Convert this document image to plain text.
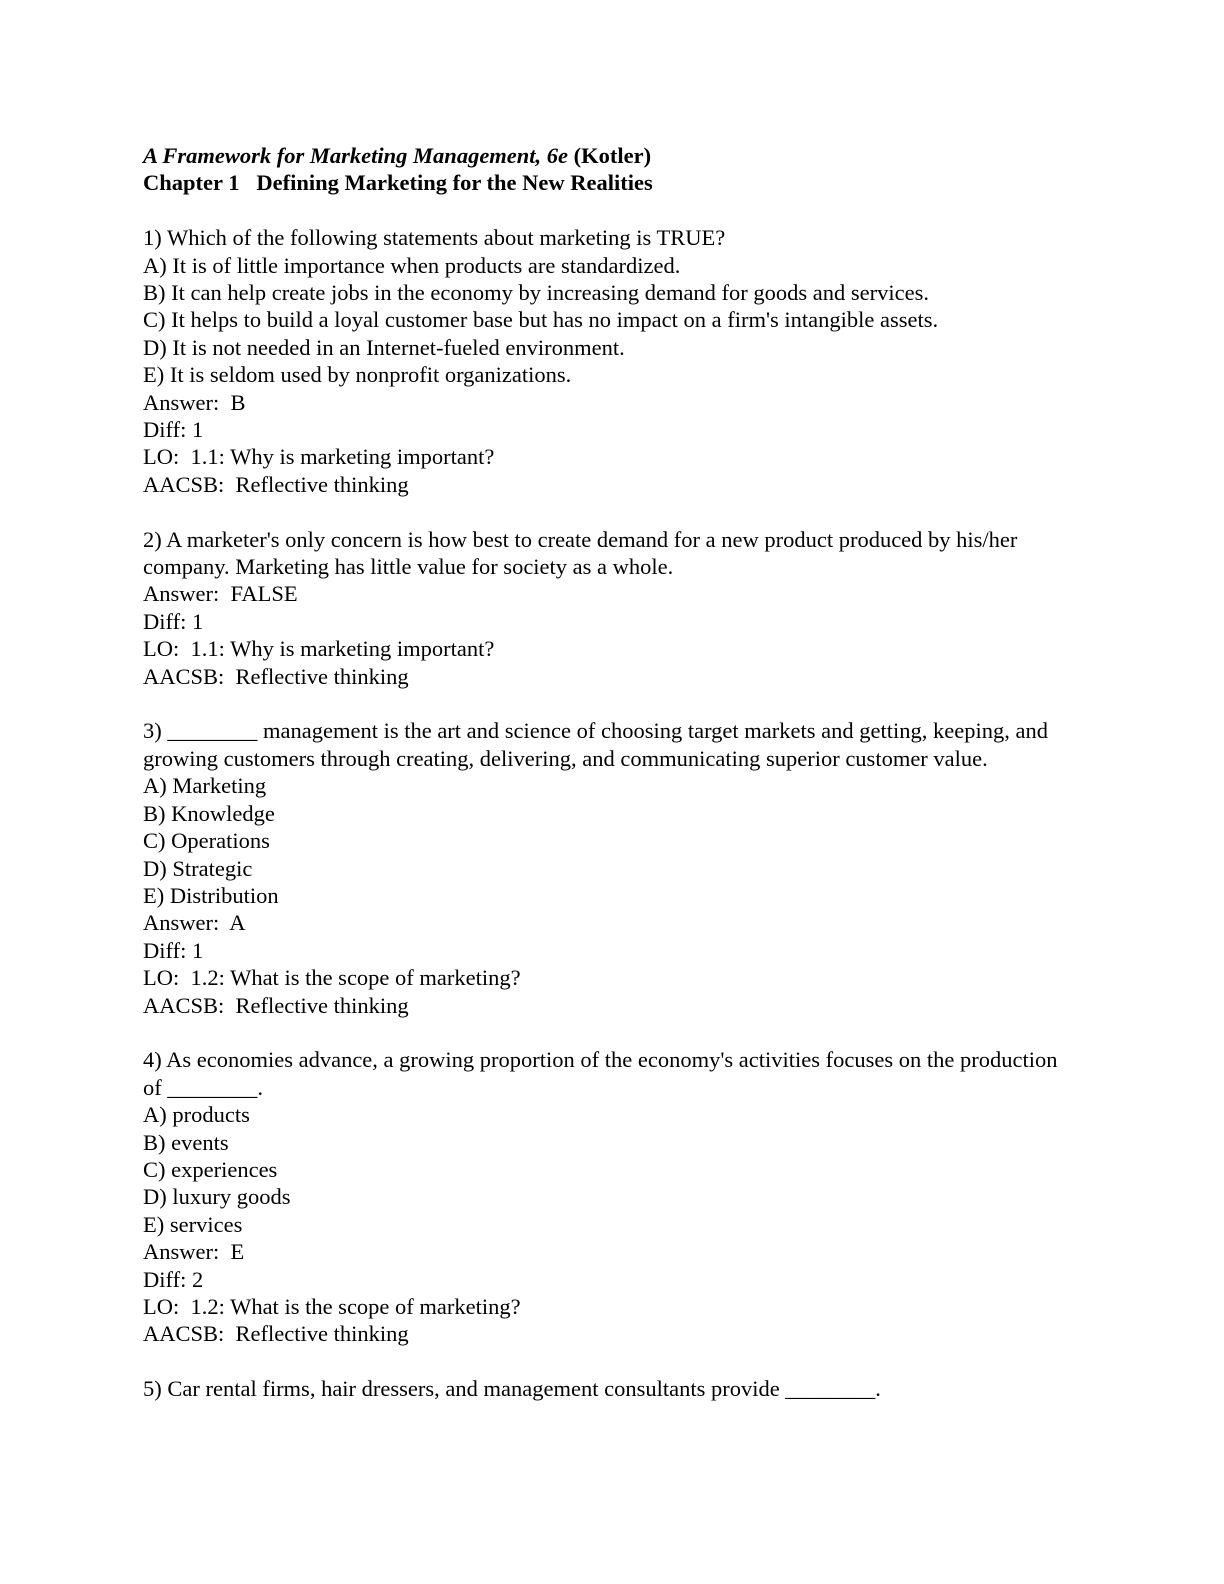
A Framework for Marketing Management, 6e (Kotler)
Chapter 1 Defining Marketing for the New Realities
1) Which of the following statements about marketing is TRUE?
A) It is of little importance when products are standardized.
B) It can help create jobs in the economy by increasing demand for goods and services.
C) It helps to build a loyal customer base but has no impact on a firm's intangible assets.
D) It is not needed in an Internet-fueled environment.
E) It is seldom used by nonprofit organizations.
Answer:  B
Diff: 1
LO:  1.1: Why is marketing important?
AACSB:  Reflective thinking
2) A marketer's only concern is how best to create demand for a new product produced by his/her company. Marketing has little value for society as a whole.
Answer:  FALSE
Diff: 1
LO:  1.1: Why is marketing important?
AACSB:  Reflective thinking
3) ________ management is the art and science of choosing target markets and getting, keeping, and growing customers through creating, delivering, and communicating superior customer value.
A) Marketing
B) Knowledge
C) Operations
D) Strategic
E) Distribution
Answer:  A
Diff: 1
LO:  1.2: What is the scope of marketing?
AACSB:  Reflective thinking
4) As economies advance, a growing proportion of the economy's activities focuses on the production of ________.
A) products
B) events
C) experiences
D) luxury goods
E) services
Answer:  E
Diff: 2
LO:  1.2: What is the scope of marketing?
AACSB:  Reflective thinking
5) Car rental firms, hair dressers, and management consultants provide ________.
